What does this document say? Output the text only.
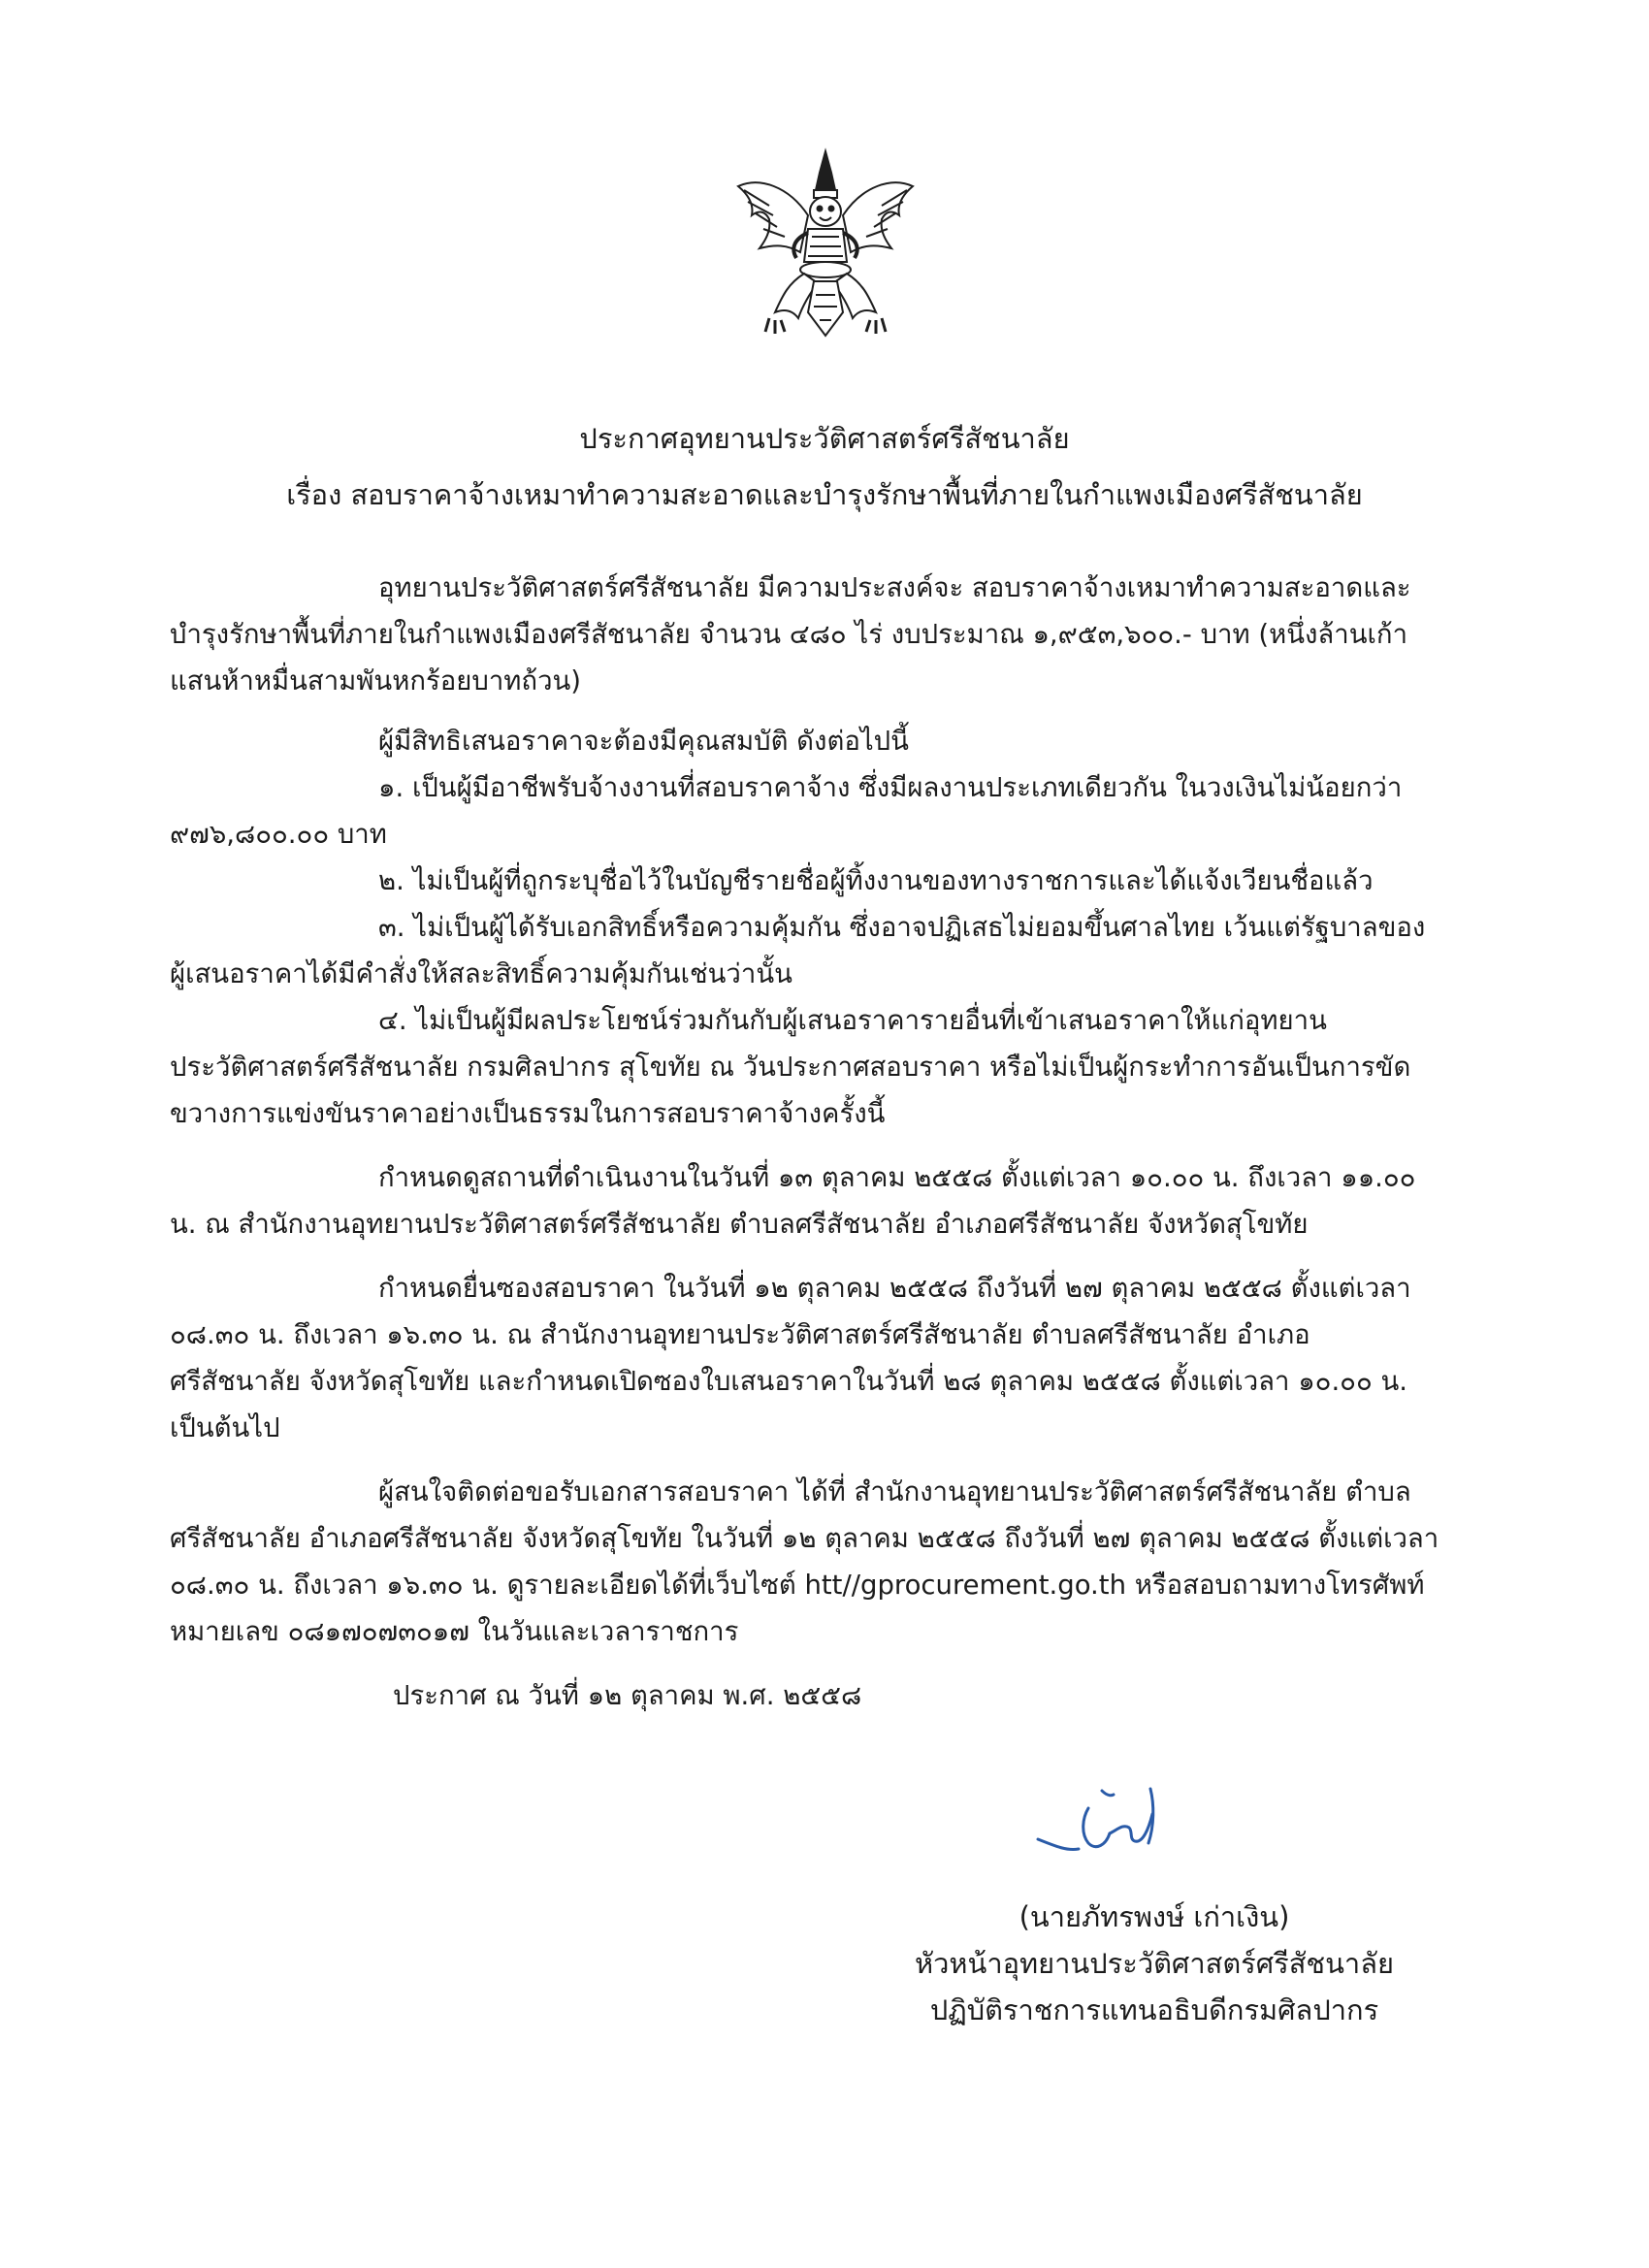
ประกาศอุทยานประวัติศาสตร์ศรีสัชนาลัย
เรื่อง สอบราคาจ้างเหมาทำความสะอาดและบำรุงรักษาพื้นที่ภายในกำแพงเมืองศรีสัชนาลัย

อุทยานประวัติศาสตร์ศรีสัชนาลัย มีความประสงค์จะ สอบราคาจ้างเหมาทำความสะอาดและบำรุงรักษาพื้นที่ภายในกำแพงเมืองศรีสัชนาลัย จำนวน ๔๘๐ ไร่ งบประมาณ ๑,๙๕๓,๖๐๐.- บาท (หนึ่งล้านเก้าแสนห้าหมื่นสามพันหกร้อยบาทถ้วน)

ผู้มีสิทธิเสนอราคาจะต้องมีคุณสมบัติ ดังต่อไปนี้

๑. เป็นผู้มีอาชีพรับจ้างงานที่สอบราคาจ้าง ซึ่งมีผลงานประเภทเดียวกัน ในวงเงินไม่น้อยกว่า ๙๗๖,๘๐๐.๐๐ บาท

๒. ไม่เป็นผู้ที่ถูกระบุชื่อไว้ในบัญชีรายชื่อผู้ทิ้งงานของทางราชการและได้แจ้งเวียนชื่อแล้ว

๓. ไม่เป็นผู้ได้รับเอกสิทธิ์หรือความคุ้มกัน ซึ่งอาจปฏิเสธไม่ยอมขึ้นศาลไทย เว้นแต่รัฐบาลของผู้เสนอราคาได้มีคำสั่งให้สละสิทธิ์ความคุ้มกันเช่นว่านั้น

๔. ไม่เป็นผู้มีผลประโยชน์ร่วมกันกับผู้เสนอราคารายอื่นที่เข้าเสนอราคาให้แก่อุทยานประวัติศาสตร์ศรีสัชนาลัย กรมศิลปากร สุโขทัย ณ วันประกาศสอบราคา หรือไม่เป็นผู้กระทำการอันเป็นการขัดขวางการแข่งขันราคาอย่างเป็นธรรมในการสอบราคาจ้างครั้งนี้

กำหนดดูสถานที่ดำเนินงานในวันที่ ๑๓ ตุลาคม ๒๕๕๘ ตั้งแต่เวลา ๑๐.๐๐ น. ถึงเวลา ๑๑.๐๐ น. ณ สำนักงานอุทยานประวัติศาสตร์ศรีสัชนาลัย ตำบลศรีสัชนาลัย อำเภอศรีสัชนาลัย จังหวัดสุโขทัย

กำหนดยื่นซองสอบราคา ในวันที่ ๑๒ ตุลาคม ๒๕๕๘ ถึงวันที่ ๒๗ ตุลาคม ๒๕๕๘ ตั้งแต่เวลา ๐๘.๓๐ น. ถึงเวลา ๑๖.๓๐ น. ณ สำนักงานอุทยานประวัติศาสตร์ศรีสัชนาลัย ตำบลศรีสัชนาลัย อำเภอศรีสัชนาลัย จังหวัดสุโขทัย และกำหนดเปิดซองใบเสนอราคาในวันที่ ๒๘ ตุลาคม ๒๕๕๘ ตั้งแต่เวลา ๑๐.๐๐ น. เป็นต้นไป

ผู้สนใจติดต่อขอรับเอกสารสอบราคา ได้ที่ สำนักงานอุทยานประวัติศาสตร์ศรีสัชนาลัย ตำบลศรีสัชนาลัย อำเภอศรีสัชนาลัย จังหวัดสุโขทัย ในวันที่ ๑๒ ตุลาคม ๒๕๕๘ ถึงวันที่ ๒๗ ตุลาคม ๒๕๕๘ ตั้งแต่เวลา ๐๘.๓๐ น. ถึงเวลา ๑๖.๓๐ น. ดูรายละเอียดได้ที่เว็บไซต์ htt//gprocurement.go.th หรือสอบถามทางโทรศัพท์หมายเลข ๐๘๑๗๐๗๓๐๑๗ ในวันและเวลาราชการ

ประกาศ ณ วันที่ ๑๒ ตุลาคม พ.ศ. ๒๕๕๘

(นายภัทรพงษ์ เก่าเงิน)
หัวหน้าอุทยานประวัติศาสตร์ศรีสัชนาลัย
ปฏิบัติราชการแทนอธิบดีกรมศิลปากร
